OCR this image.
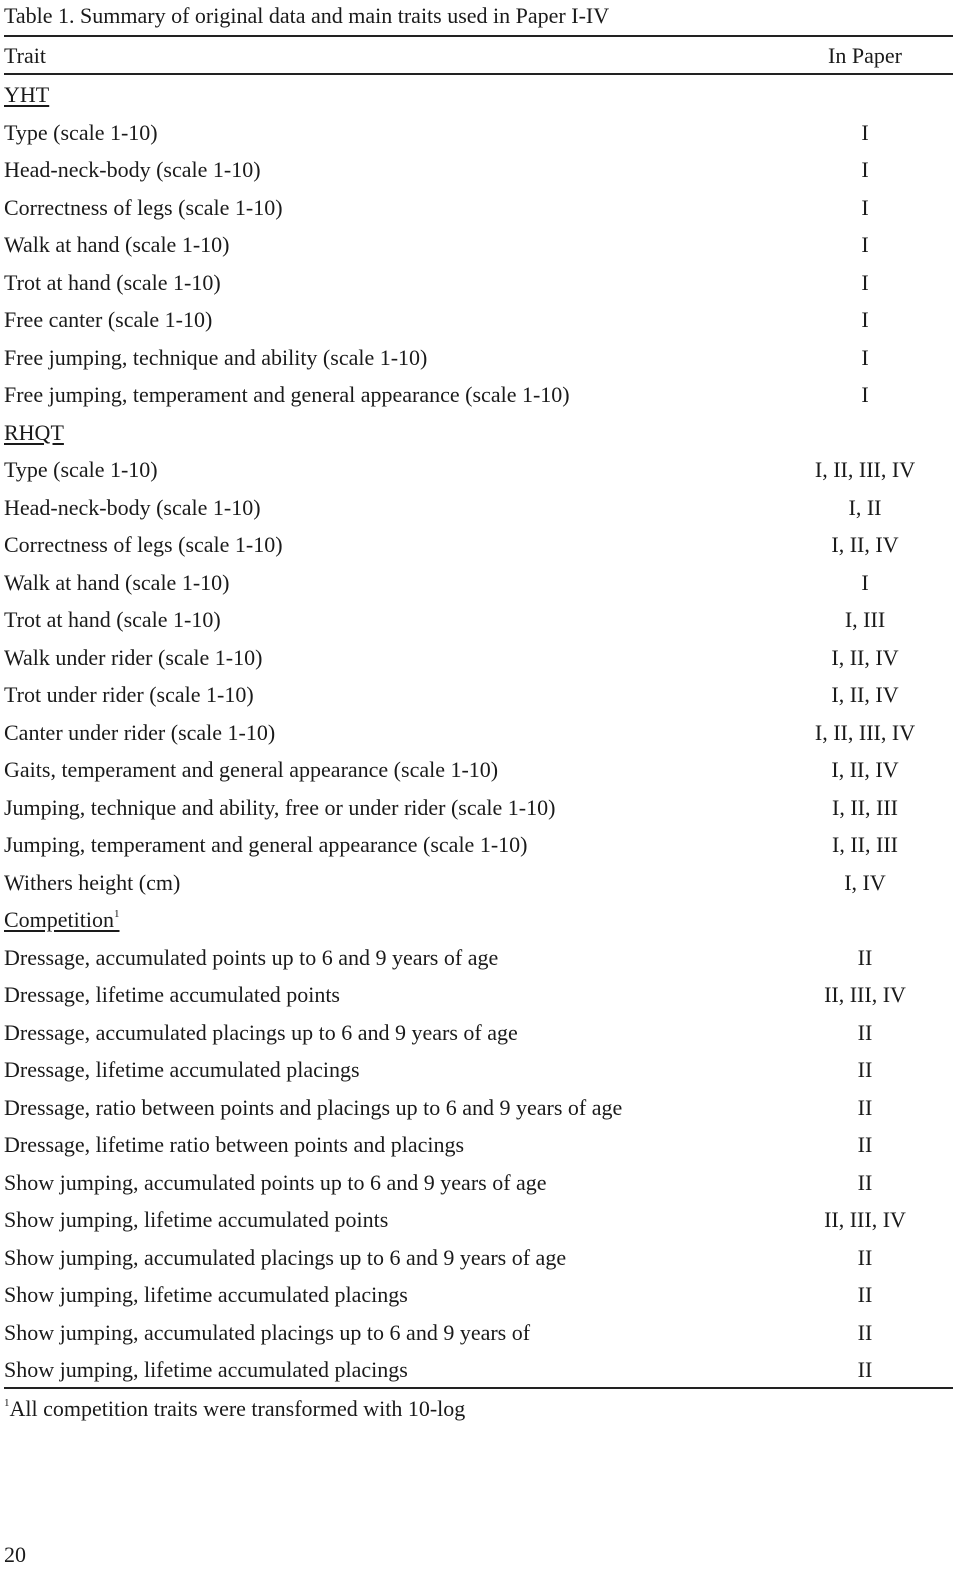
Table 1. Summary of original data and main traits used in Paper I-IV
Trait	In Paper
YHT
Type (scale 1-10)	I
Head-neck-body (scale 1-10)	I
Correctness of legs (scale 1-10)	I
Walk at hand (scale 1-10)	I
Trot at hand (scale 1-10)	I
Free canter (scale 1-10)	I
Free jumping, technique and ability (scale 1-10)	I
Free jumping, temperament and general appearance (scale 1-10)	I
RHQT
Type (scale 1-10)	I, II, III, IV
Head-neck-body (scale 1-10)	I, II
Correctness of legs (scale 1-10)	I, II, IV
Walk at hand (scale 1-10)	I
Trot at hand (scale 1-10)	I, III
Walk under rider (scale 1-10)	I, II, IV
Trot under rider (scale 1-10)	I, II, IV
Canter under rider (scale 1-10)	I, II, III, IV
Gaits, temperament and general appearance (scale 1-10)	I, II, IV
Jumping, technique and ability, free or under rider (scale 1-10)	I, II, III
Jumping, temperament and general appearance (scale 1-10)	I, II, III
Withers height (cm)	I, IV
Competition$^1$
Dressage, accumulated points up to 6 and 9 years of age	II
Dressage, lifetime accumulated points	II, III, IV
Dressage, accumulated placings up to 6 and 9 years of age	II
Dressage, lifetime accumulated placings	II
Dressage, ratio between points and placings up to 6 and 9 years of age	II
Dressage, lifetime ratio between points and placings	II
Show jumping, accumulated points up to 6 and 9 years of age	II
Show jumping, lifetime accumulated points	II, III, IV
Show jumping, accumulated placings up to 6 and 9 years of age	II
Show jumping, lifetime accumulated placings	II
Show jumping, accumulated placings up to 6 and 9 years of	II
Show jumping, lifetime accumulated placings	II
$^1$All competition traits were transformed with 10-log
20
